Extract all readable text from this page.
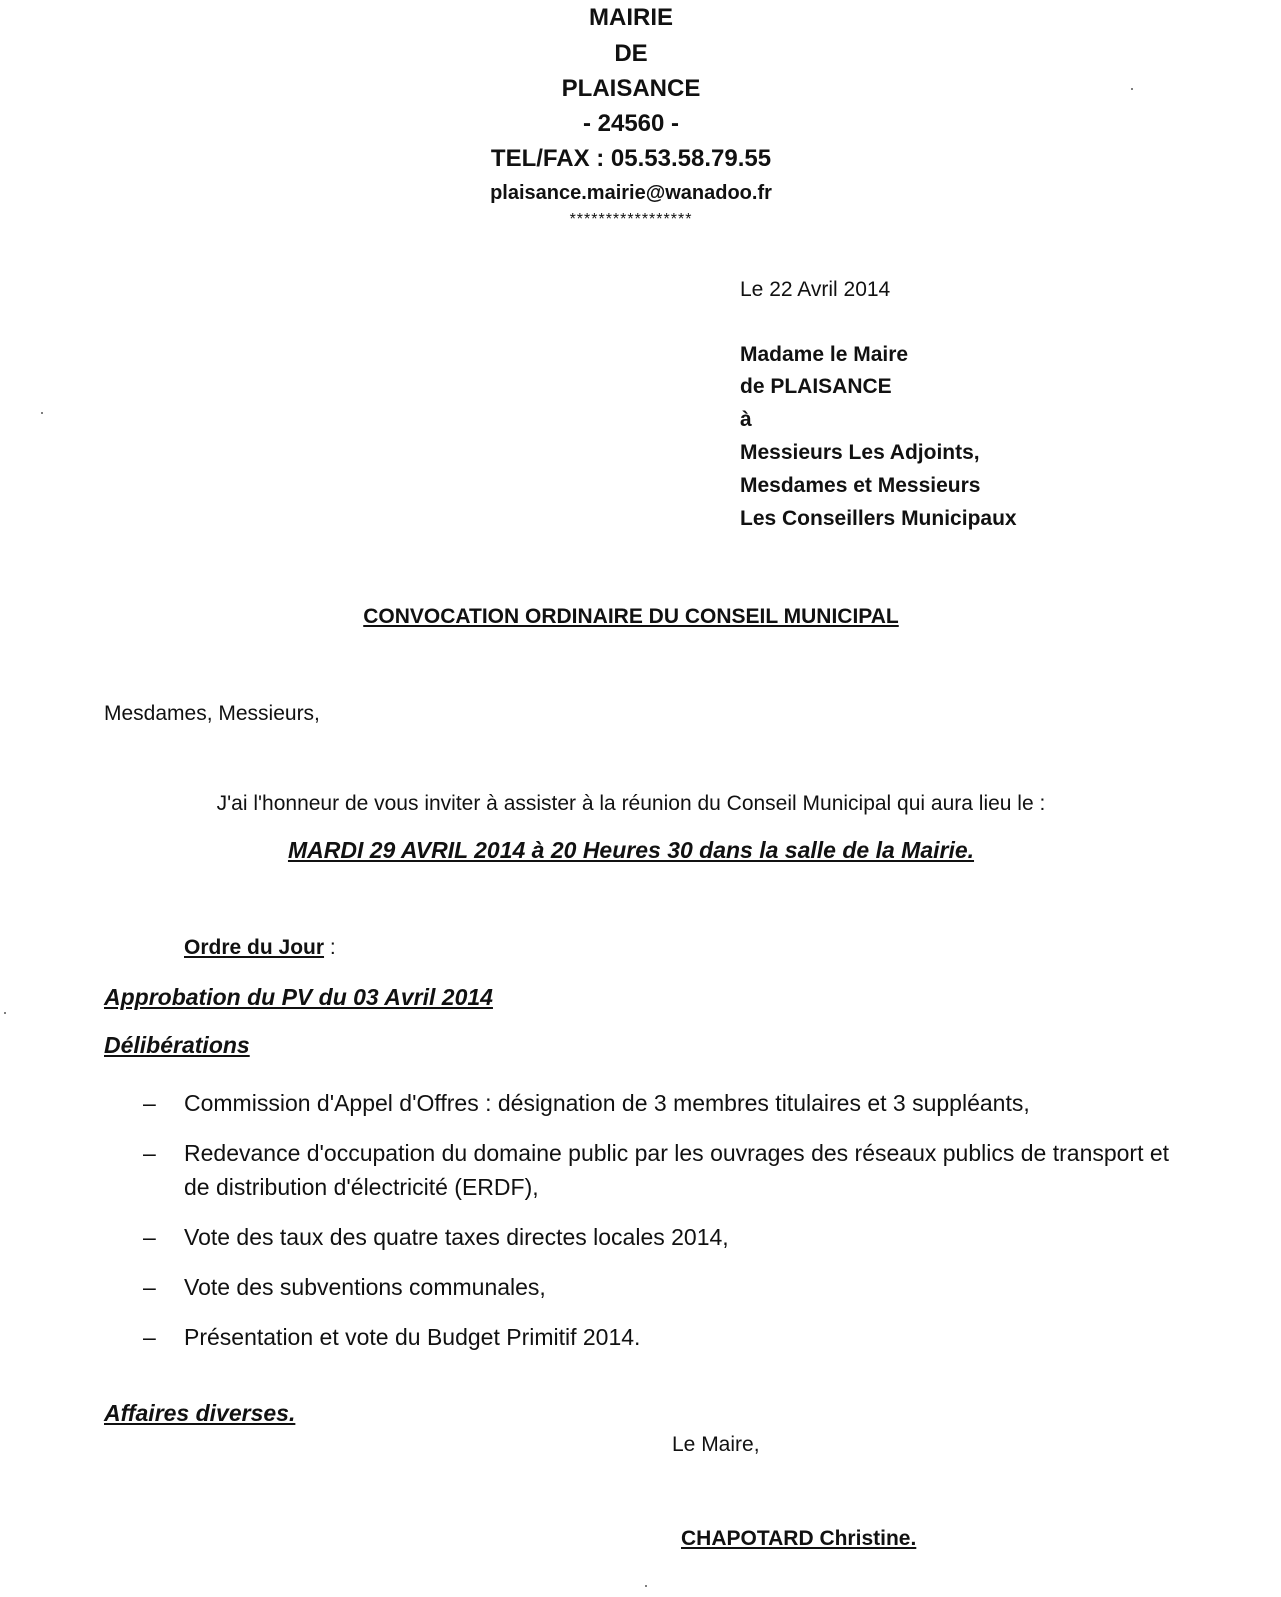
MAIRIE
DE
PLAISANCE
- 24560 -
TEL/FAX : 05.53.58.79.55
plaisance.mairie@wanadoo.fr
*****************
Le 22 Avril 2014
Madame le Maire
de PLAISANCE
à
Messieurs Les Adjoints,
Mesdames et Messieurs
Les Conseillers Municipaux
CONVOCATION ORDINAIRE DU CONSEIL MUNICIPAL
Mesdames, Messieurs,
J'ai l'honneur de vous inviter à assister à la réunion du Conseil Municipal qui aura lieu le :
MARDI 29 AVRIL 2014 à 20 Heures 30 dans la salle de la Mairie.
Ordre du Jour :
Approbation du PV du 03 Avril 2014
Délibérations
– Commission d'Appel d'Offres : désignation de 3 membres titulaires et 3 suppléants,
– Redevance d'occupation du domaine public par les ouvrages des réseaux publics de transport et de distribution d'électricité (ERDF),
– Vote des taux des quatre taxes directes locales 2014,
– Vote des subventions communales,
– Présentation et vote du Budget Primitif 2014.
Affaires diverses.
Le Maire,
CHAPOTARD Christine.
